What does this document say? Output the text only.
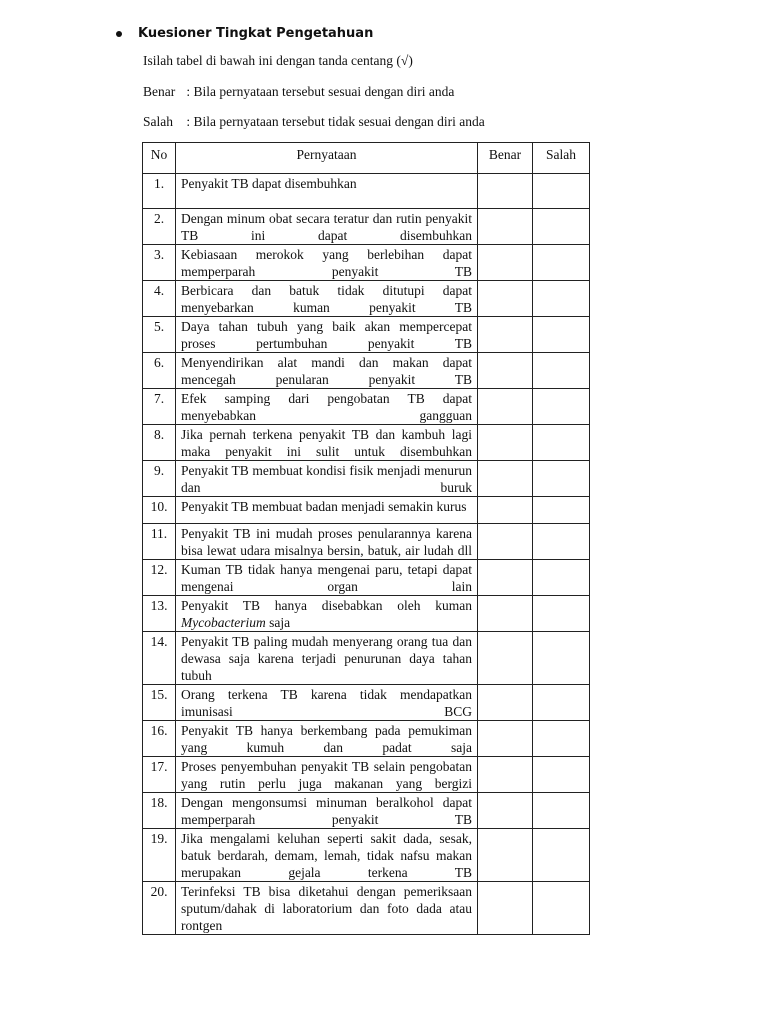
Kuesioner Tingkat Pengetahuan
Isilah tabel di bawah ini dengan tanda centang (√)
Benar : Bila pernyataan tersebut sesuai dengan diri anda
Salah : Bila pernyataan tersebut tidak sesuai dengan diri anda
No	Pernyataan	Benar	Salah
1.	Penyakit TB dapat disembuhkan		
2.	Dengan minum obat secara teratur dan rutin penyakit TB ini dapat disembuhkan		
3.	Kebiasaan merokok yang berlebihan dapat memperparah penyakit TB		
4.	Berbicara dan batuk tidak ditutupi dapat menyebarkan kuman penyakit TB		
5.	Daya tahan tubuh yang baik akan mempercepat proses pertumbuhan penyakit TB		
6.	Menyendirikan alat mandi dan makan dapat mencegah penularan penyakit TB		
7.	Efek samping dari pengobatan TB dapat menyebabkan gangguan		
8.	Jika pernah terkena penyakit TB dan kambuh lagi maka penyakit ini sulit untuk disembuhkan		
9.	Penyakit TB membuat kondisi fisik menjadi menurun dan buruk		
10.	Penyakit TB membuat badan menjadi semakin kurus		
11.	Penyakit TB ini mudah proses penularannya karena bisa lewat udara misalnya bersin, batuk, air ludah dll		
12.	Kuman TB tidak hanya mengenai paru, tetapi dapat mengenai organ lain		
13.	Penyakit TB hanya disebabkan oleh kuman Mycobacterium saja		
14.	Penyakit TB paling mudah menyerang orang tua dan dewasa saja karena terjadi penurunan daya tahan tubuh		
15.	Orang terkena TB karena tidak mendapatkan imunisasi BCG		
16.	Penyakit TB hanya berkembang pada pemukiman yang kumuh dan padat saja		
17.	Proses penyembuhan penyakit TB selain pengobatan yang rutin perlu juga makanan yang bergizi		
18.	Dengan mengonsumsi minuman beralkohol dapat memperparah penyakit TB		
19.	Jika mengalami keluhan seperti sakit dada, sesak, batuk berdarah, demam, lemah, tidak nafsu makan merupakan gejala terkena TB		
20.	Terinfeksi TB bisa diketahui dengan pemeriksaan sputum/dahak di laboratorium dan foto dada atau rontgen		
